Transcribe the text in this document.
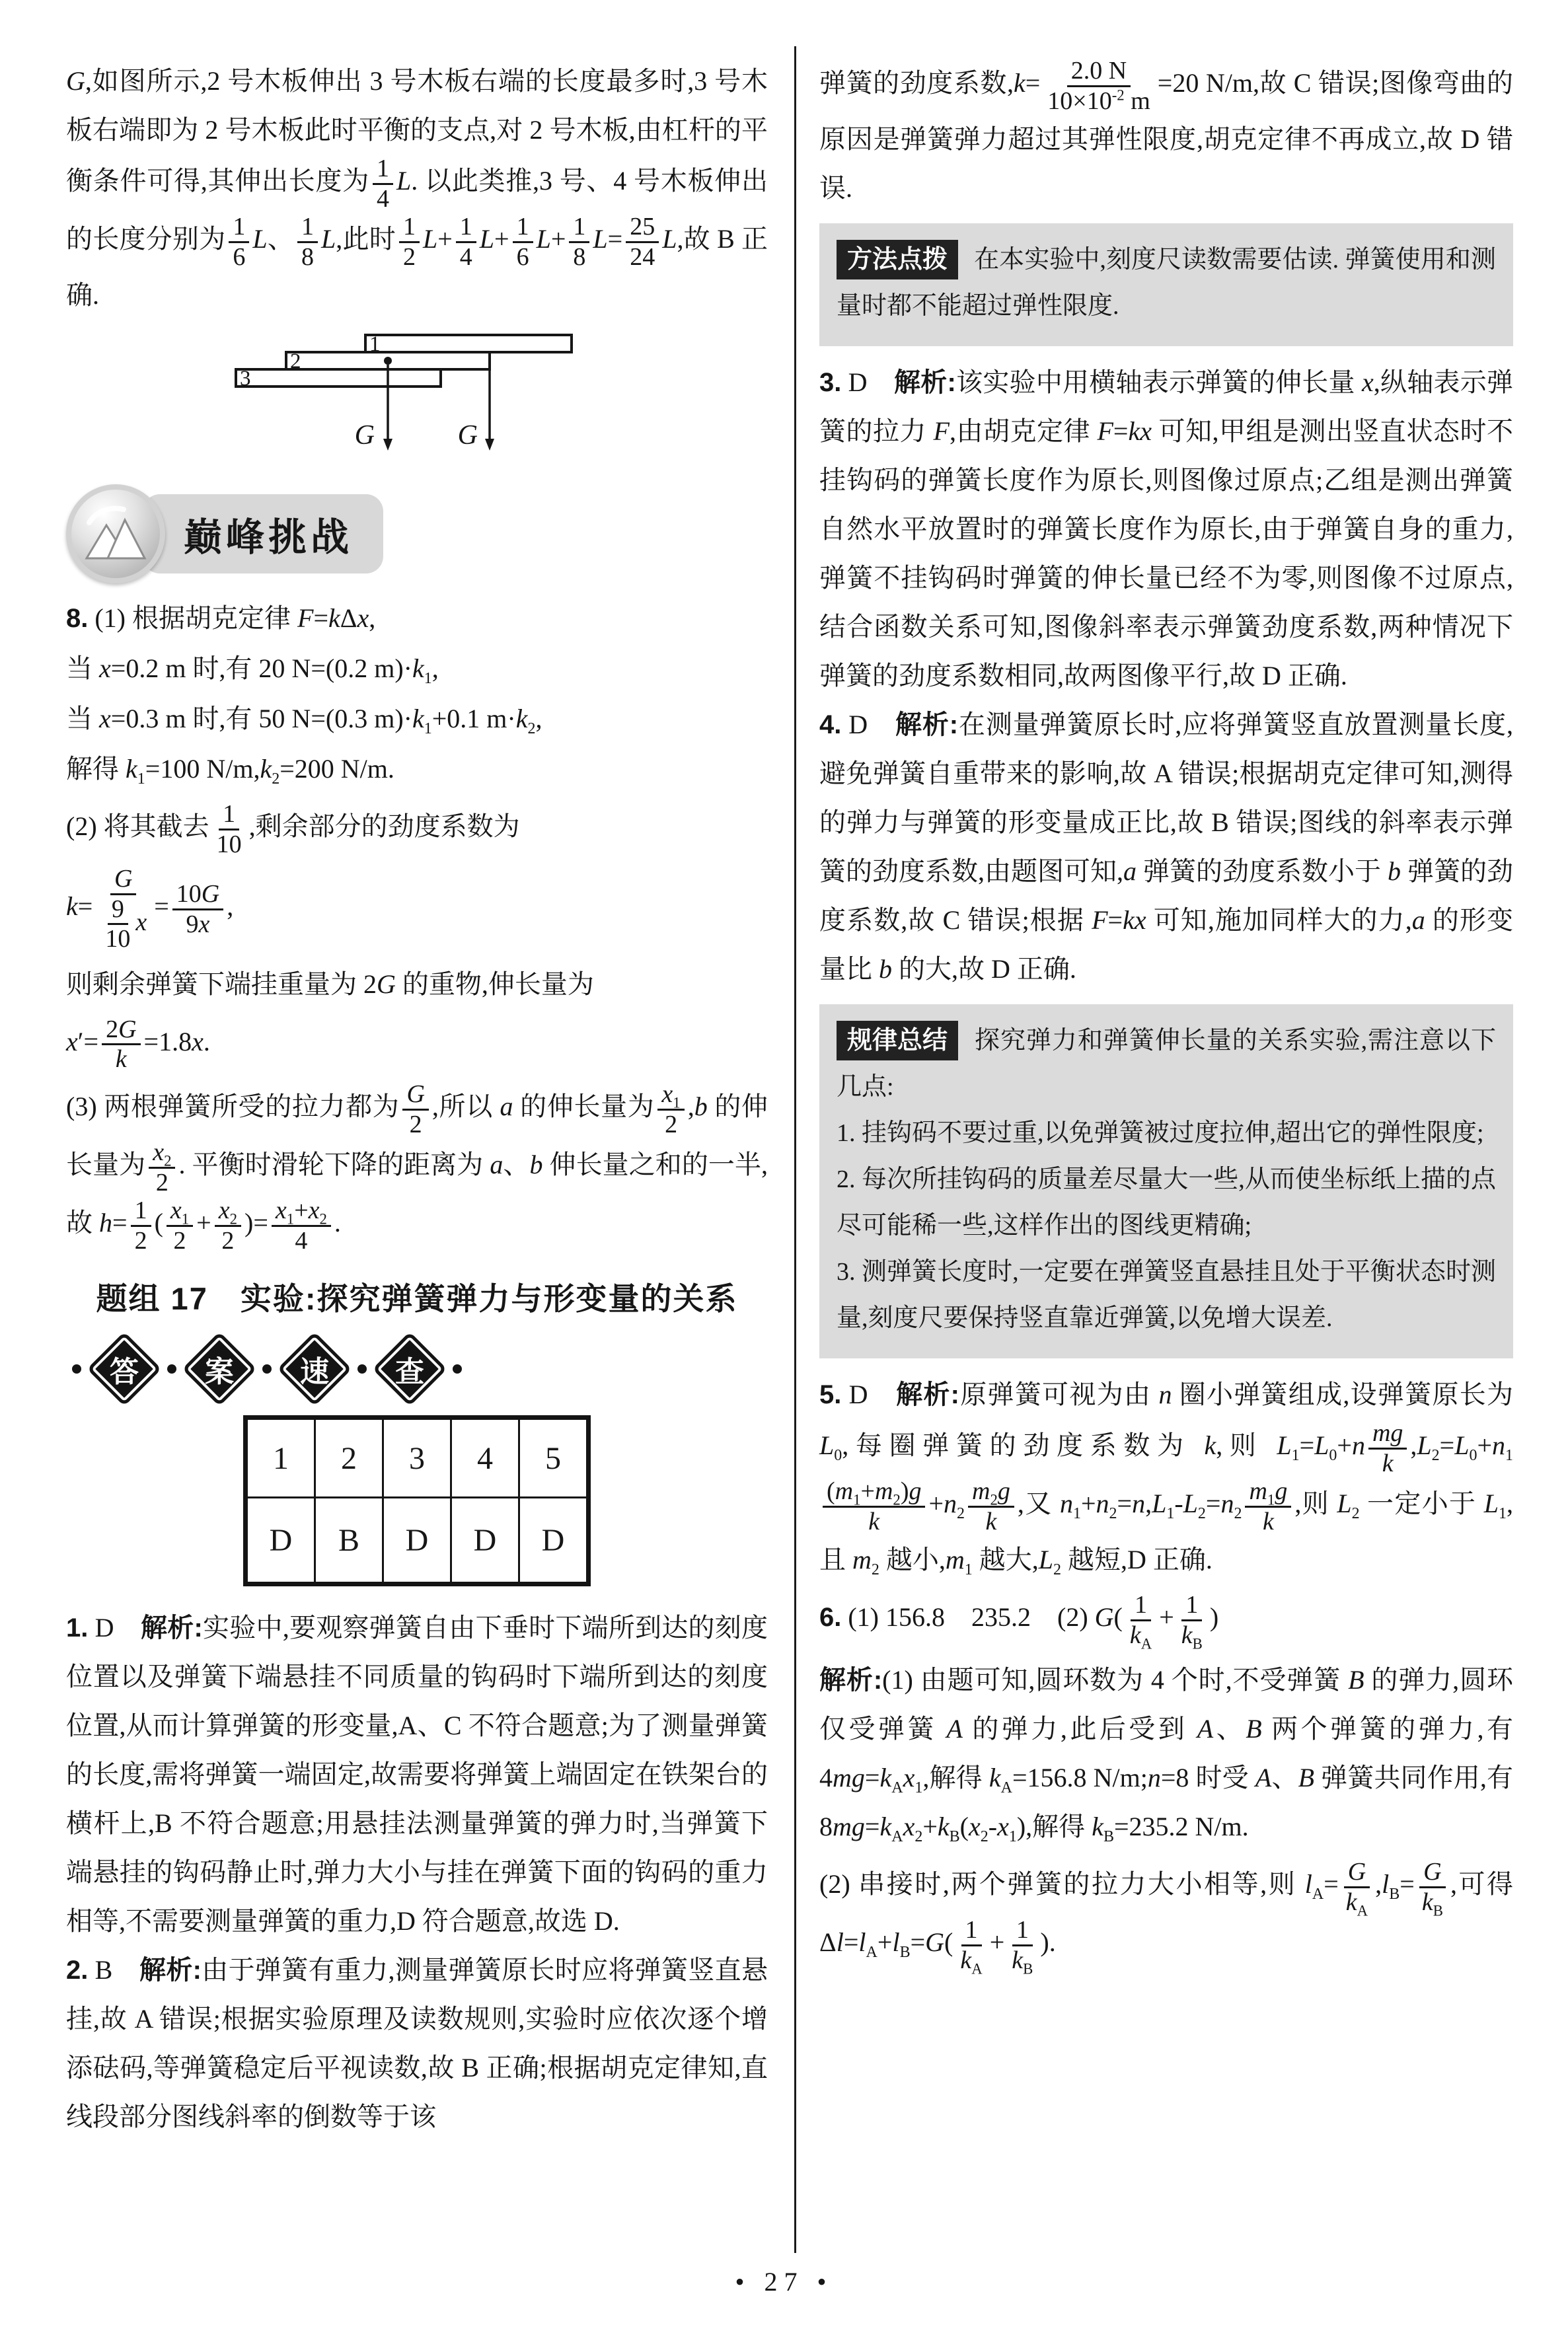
G,如图所示,2 号木板伸出 3 号木板右端的长度最多时,3 号木板右端即为 2 号木板此时平衡的支点,对 2 号木板,由杠杆的平衡条件可得,其伸出长度为 $\frac{1}{4} L$. 以此类推,3 号、4 号木板伸出的长度分别为 $\frac{1}{6}$ L、 $\frac{1}{8} L$,此时 $\frac{1}{2} L+ \frac{1}{4} L+ \frac{1}{6} L+ \frac{1}{8} L= \frac{25}{24} L$,故 B 正确.

1
2
3
G	G
巅峰挑战

8. (1) 根据胡克定律 F=kΔx,

当 x=0.2 m 时,有 20 N=(0.2 $m)\cdot k_1$,

当 x=0.3 m 时,有 50 N=(0.3 $m)\cdot k_1+0.1$ $m\cdot k_2$,

解得 $k_1=100$ $N/m,k_2=200$ N/m.

(2) 将其截去 $\frac{1}{10}$ ,剩余部分的劲度系数为

$k= \frac{G}{\frac{9}{10} x} = \frac{10G}{9x}$ ,

则剩余弹簧下端挂重量为 2G 的重物,伸长量为

$x'= \frac{2G}{k} =1.8x$.

(3) 两根弹簧所受的拉力都为 $\frac{G}{2}$ ,所以 a 的伸长量为 $\frac{x_1}{2} ,b$ 的伸长量为 $\frac{x_2}{2}$ . 平衡时滑轮下降的距离为 a、b 伸长量之和的一半,故 $h= \frac{1}{2}$ ( $\frac{x_1}{2} + \frac{x_2}{2}$ )= $\frac{x_1+x_2}{4}$ .

题组 17　实验:探究弹簧弹力与形变量的关系
答 案 速 查
1	2	3	4	5
D	B	D	D	D

1. D　解析:实验中,要观察弹簧自由下垂时下端所到达的刻度位置以及弹簧下端悬挂不同质量的钩码时下端所到达的刻度位置,从而计算弹簧的形变量,A、C 不符合题意;为了测量弹簧的长度,需将弹簧一端固定,故需要将弹簧上端固定在铁架台的横杆上,B 不符合题意;用悬挂法测量弹簧的弹力时,当弹簧下端悬挂的钩码静止时,弹力大小与挂在弹簧下面的钩码的重力相等,不需要测量弹簧的重力,D 符合题意,故选 D.

2. B　解析:由于弹簧有重力,测量弹簧原长时应将弹簧竖直悬挂,故 A 错误;根据实验原理及读数规则,实验时应依次逐个增添砝码,等弹簧稳定后平视读数,故 B 正确;根据胡克定律知,直线段部分图线斜率的倒数等于该

弹簧的劲度系数$,k= \frac{2.0 N}{10\times 10^{-2} m} =20$ N/m,故 C 错误;图像弯曲的原因是弹簧弹力超过其弹性限度,胡克定律不再成立,故 D 错误.

方法点拨 在本实验中,刻度尺读数需要估读. 弹簧使用和测量时都不能超过弹性限度.

3. D　解析:该实验中用横轴表示弹簧的伸长量 x,纵轴表示弹簧的拉力 F,由胡克定律 F=kx 可知,甲组是测出竖直状态时不挂钩码的弹簧长度作为原长,则图像过原点;乙组是测出弹簧自然水平放置时的弹簧长度作为原长,由于弹簧自身的重力,弹簧不挂钩码时弹簧的伸长量已经不为零,则图像不过原点,结合函数关系可知,图像斜率表示弹簧劲度系数,两种情况下弹簧的劲度系数相同,故两图像平行,故 D 正确.

4. D　解析:在测量弹簧原长时,应将弹簧竖直放置测量长度,避免弹簧自重带来的影响,故 A 错误;根据胡克定律可知,测得的弹力与弹簧的形变量成正比,故 B 错误;图线的斜率表示弹簧的劲度系数,由题图可知,a 弹簧的劲度系数小于 b 弹簧的劲度系数,故 C 错误;根据 F=kx 可知,施加同样大的力,a 的形变量比 b 的大,故 D 正确.

规律总结 探究弹力和弹簧伸长量的关系实验,需注意以下几点:
1. 挂钩码不要过重,以免弹簧被过度拉伸,超出它的弹性限度;
2. 每次所挂钩码的质量差尽量大一些,从而使坐标纸上描的点尽可能稀一些,这样作出的图线更精确;
3. 测弹簧长度时,一定要在弹簧竖直悬挂且处于平衡状态时测量,刻度尺要保持竖直靠近弹簧,以免增大误差.

5. D　解析:原弹簧可视为由 n 圈小弹簧组成,设弹簧原长为 $L_0$,每圈弹簧的劲度系数为 k,则 $L_1=L_0+n \frac{mg}{k} ,L_2=L_0+n_1$
$\frac{(m_1+m_2)g}{k} +n_2 \frac{m_2g}{k}$ ,又 $n_1+n_2=n,L_1-L_2=n_2 \frac{m_1g}{k}$ ,则 $L_2$ 一定小于 $L_1$,且 $m_2$ 越小$,m_1$ 越大$,L_2$ 越短,D 正确.

6. (1) 156.8　235.2　(2) $G( \frac{1}{k_A} + \frac{1}{k_B}$ )

解析:(1) 由题可知,圆环数为 4 个时,不受弹簧 B 的弹力,圆环仅受弹簧 A 的弹力,此后受到 A、B 两个弹簧的弹力,有 $4mg=k_Ax_1$,解得 $k_A=156.8$ N/m;n=8 时受 A、B 弹簧共同作用,有 $8mg=k_Ax_2+k_B(x_2-x_1)$,解得 $k_B=235.2$ N/m.

(2) 串接时,两个弹簧的拉力大小相等,则 $l_A= \frac{G}{k_A} ,l_B= \frac{G}{k_B}$ ,可得 $\Delta l=l_A+l_B=G( \frac{1}{k_A} + \frac{1}{k_B}$ ).

• 27 •
